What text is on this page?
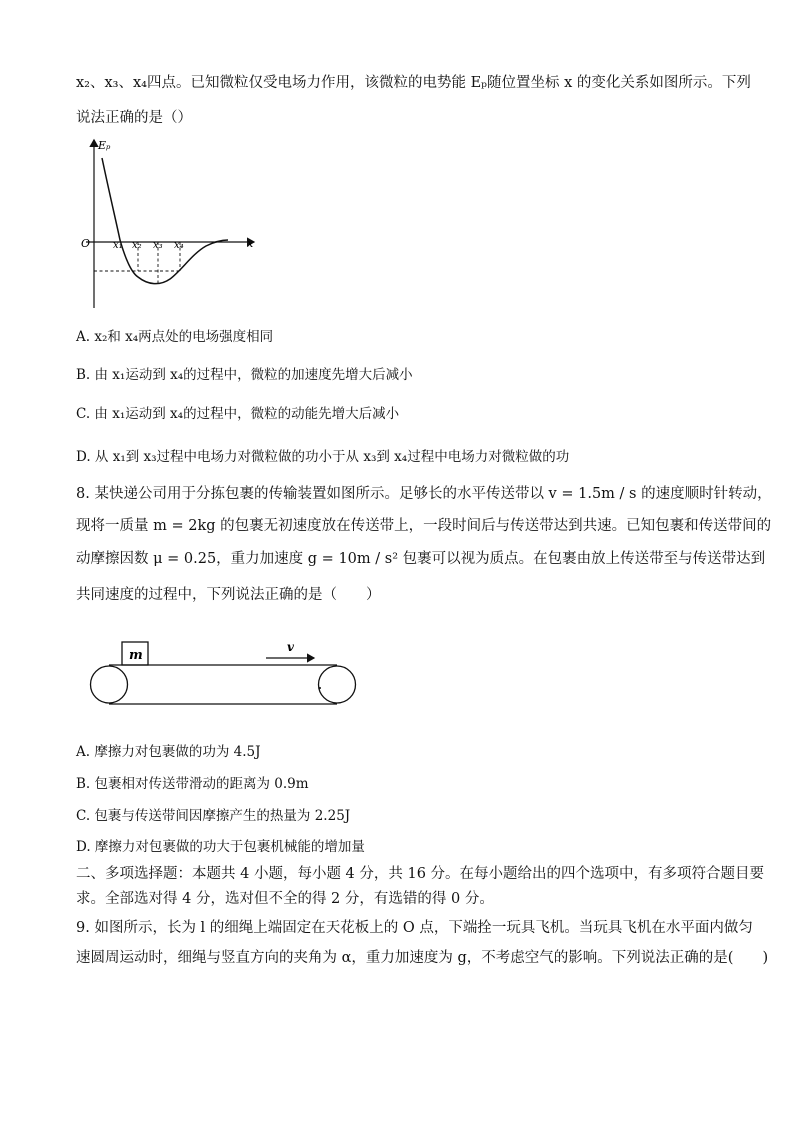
x₂、x₃、x₄四点。已知微粒仅受电场力作用，该微粒的电势能 Eₚ随位置坐标 x 的变化关系如图所示。下列
说法正确的是（）
Eₚ
x
O x₁ x₂ x₃ x₄
A. x₂和 x₄两点处的电场强度相同
B. 由 x₁运动到 x₄的过程中，微粒的加速度先增大后减小
C. 由 x₁运动到 x₄的过程中，微粒的动能先增大后减小
D. 从 x₁到 x₃过程中电场力对微粒做的功小于从 x₃到 x₄过程中电场力对微粒做的功
8. 某快递公司用于分拣包裹的传输装置如图所示。足够长的水平传送带以 v = 1.5m / s 的速度顺时针转动，
现将一质量 m = 2kg 的包裹无初速度放在传送带上，一段时间后与传送带达到共速。已知包裹和传送带间的
动摩擦因数 μ = 0.25，重力加速度 g = 10m / s² 包裹可以视为质点。在包裹由放上传送带至与传送带达到
共同速度的过程中，下列说法正确的是（　　）
m
v
A. 摩擦力对包裹做的功为 4.5J
B. 包裹相对传送带滑动的距离为 0.9m
C. 包裹与传送带间因摩擦产生的热量为 2.25J
D. 摩擦力对包裹做的功大于包裹机械能的增加量
二、多项选择题：本题共 4 小题，每小题 4 分，共 16 分。在每小题给出的四个选项中，有多项符合题目要
求。全部选对得 4 分，选对但不全的得 2 分，有选错的得 0 分。
9. 如图所示，长为 l 的细绳上端固定在天花板上的 O 点，下端拴一玩具飞机。当玩具飞机在水平面内做匀
速圆周运动时，细绳与竖直方向的夹角为 α，重力加速度为 g，不考虑空气的影响。下列说法正确的是(　　)
